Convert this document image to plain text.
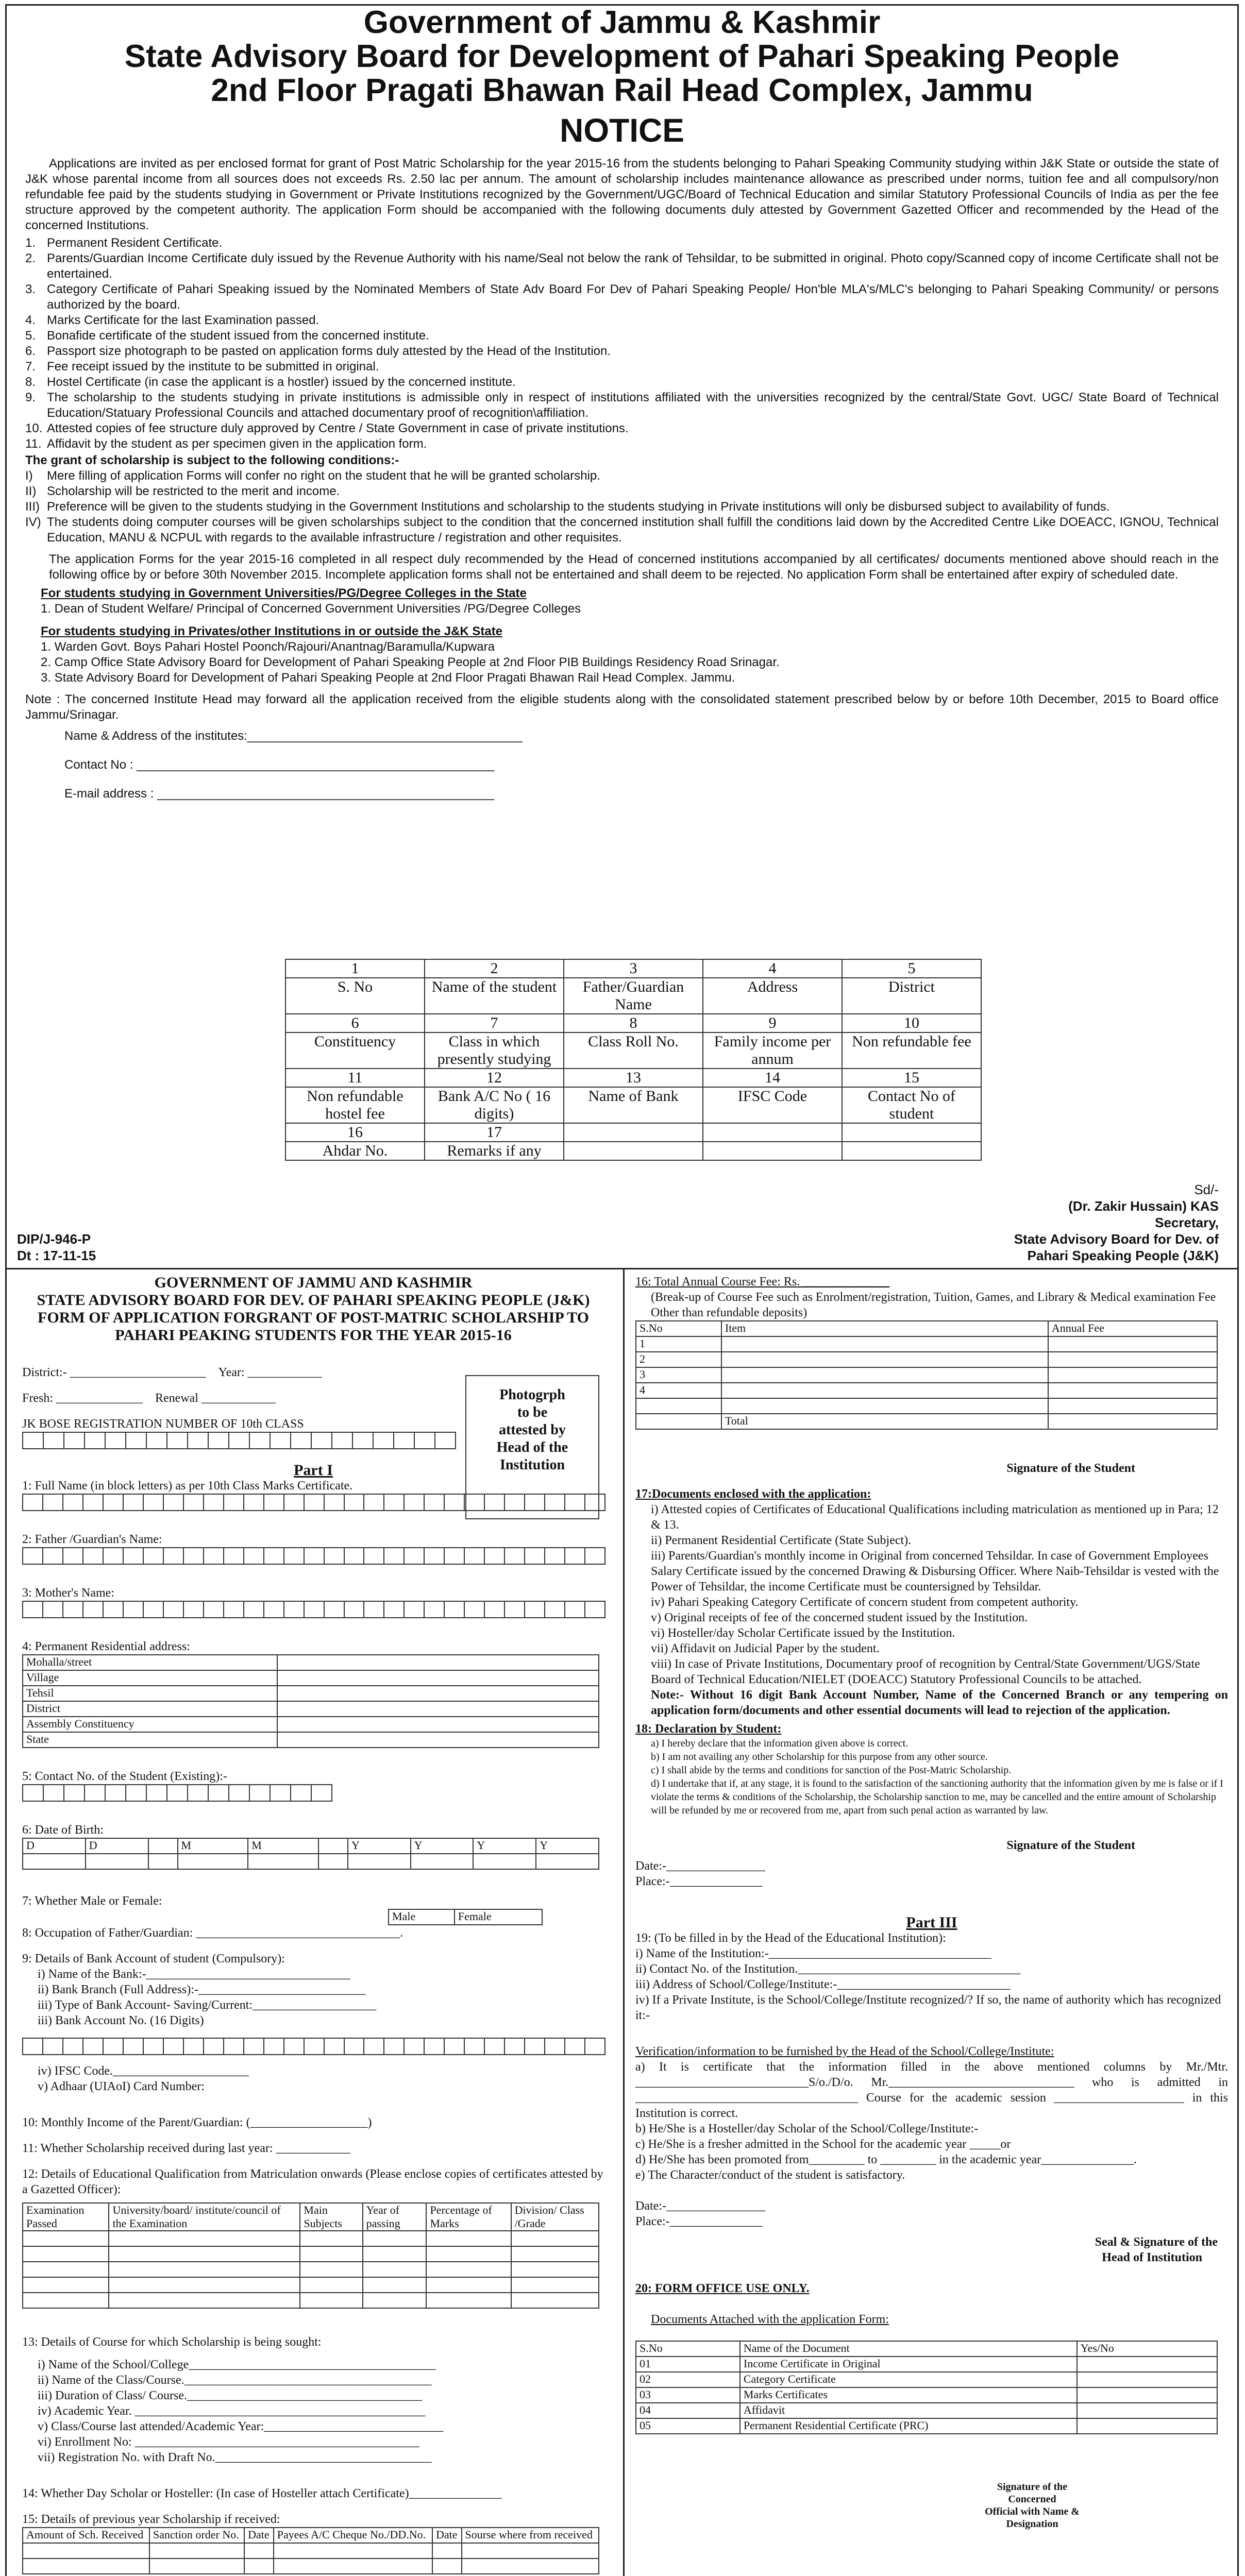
Government of Jammu & Kashmir

State Advisory Board for Development of Pahari Speaking People

2nd Floor Pragati Bhawan Rail Head Complex, Jammu

NOTICE

Applications are invited as per enclosed format for grant of Post Matric Scholarship for the year 2015-16 from the students belonging to Pahari Speaking Community studying within J&K State or outside the state of J&K whose parental income from all sources does not exceeds Rs. 2.50 lac per annum. The amount of scholarship includes maintenance allowance as prescribed under norms, tuition fee and all compulsory/non refundable fee paid by the students studying in Government or Private Institutions recognized by the Government/UGC/Board of Technical Education and similar Statutory Professional Councils of India as per the fee structure approved by the competent authority. The application Form should be accompanied with the following documents duly attested by Government Gazetted Officer and recommended by the Head of the concerned Institutions.

1. Permanent Resident Certificate.
2. Parents/Guardian Income Certificate duly issued by the Revenue Authority with his name/Seal not below the rank of Tehsildar, to be submitted in original. Photo copy/Scanned copy of income Certificate shall not be entertained.
3. Category Certificate of Pahari Speaking issued by the Nominated Members of State Adv Board For Dev of Pahari Speaking People/ Hon'ble MLA's/MLC's belonging to Pahari Speaking Community/ or persons authorized by the board.
4. Marks Certificate for the last Examination passed.
5. Bonafide certificate of the student issued from the concerned institute.
6. Passport size photograph to be pasted on application forms duly attested by the Head of the Institution.
7. Fee receipt issued by the institute to be submitted in original.
8. Hostel Certificate (in case the applicant is a hostler) issued by the concerned institute.
9. The scholarship to the students studying in private institutions is admissible only in respect of institutions affiliated with the universities recognized by the central/State Govt. UGC/ State Board of Technical Education/Statuary Professional Councils and attached documentary proof of recognition\affiliation.
10. Attested copies of fee structure duly approved by Centre / State Government in case of private institutions.
11. Affidavit by the student as per specimen given in the application form.

The grant of scholarship is subject to the following conditions:-

I)	Mere filling of application Forms will confer no right on the student that he will be granted scholarship.
II) Scholarship will be restricted to the merit and income.
III) Preference will be given to the students studying in the Government Institutions and scholarship to the students studying in Private institutions will only be disbursed subject to availability of funds.
IV) The students doing computer courses will be given scholarships subject to the condition that the concerned institution shall fulfill the conditions laid down by the Accredited Centre Like DOEACC, IGNOU, Technical Education, MANU & NCPUL with regards to the available infrastructure / registration and other requisites.

The application Forms for the year 2015-16 completed in all respect duly recommended by the Head of concerned institutions accompanied by all certificates/ documents mentioned above should reach in the following office by or before 30th November 2015. Incomplete application forms shall not be entertained and shall deem to be rejected. No application Form shall be entertained after expiry of scheduled date.

For students studying in Government Universities/PG/Degree Colleges in the State

1. Dean of Student Welfare/ Principal of Concerned Government Universities /PG/Degree Colleges

For students studying in Privates/other Institutions in or outside the J&K State

1. Warden Govt. Boys Pahari Hostel Poonch/Rajouri/Anantnag/Baramulla/Kupwara

2. Camp Office State Advisory Board for Development of Pahari Speaking People at 2nd Floor PIB Buildings Residency Road Srinagar.

3. State Advisory Board for Development of Pahari Speaking People at 2nd Floor Pragati Bhawan Rail Head Complex. Jammu.

Note : The concerned Institute Head may forward all the application received from the eligible students along with the consolidated statement prescribed below by or before 10th December, 2015 to Board office Jammu/Srinagar.

Name & Address of the institutes:________________________________________

Contact No : ____________________________________________________

E-mail address : _________________________________________________

1	2	3	4	5
S. No	Name of the student	Father/Guardian Name	Address	District
6	7	8	9	10
Constituency	Class in which presently studying	Class Roll No.	Family income per annum	Non refundable fee
11	12	13	14	15
Non refundable hostel fee	Bank A/C No ( 16 digits)	Name of Bank	IFSC Code	Contact No of student
16	17			
Ahdar No.	Remarks if any			
Sd/-
(Dr. Zakir Hussain) KAS
Secretary,
State Advisory Board for Dev. of
Pahari Speaking People (J&K)
DIP/J-946-P
Dt : 17-11-15

GOVERNMENT OF JAMMU AND KASHMIR

STATE ADVISORY BOARD FOR DEV. OF PAHARI SPEAKING PEOPLE (J&K)

FORM OF APPLICATION FORGRANT OF POST-MATRIC SCHOLARSHIP TO

PAHARI PEAKING STUDENTS FOR THE YEAR 2015-16

Photogrph
to be
attested by
Head of the
Institution

District:- ______________________ Year: ____________

Fresh: ______________ Renewal ____________

JK BOSE REGISTRATION NUMBER OF 10th CLASS

Part I

1: Full Name (in block letters) as per 10th Class Marks Certificate.

2: Father /Guardian's Name:

3: Mother's Name:

4: Permanent Residential address:

Mohalla/street	
Village	
Tehsil	
District	
Assembly Constituency	
State	

5: Contact No. of the Student (Existing):-

6: Date of Birth:

D	D		M	M		Y	Y	Y	Y

7: Whether Male or Female:

Male	Female

8: Occupation of Father/Guardian: _________________________________.

9: Details of Bank Account of student (Compulsory):

i) Name of the Bank:-_________________________________

ii) Bank Branch (Full Address):-___________________________

iii) Type of Bank Account- Saving/Current:____________________

iii) Bank Account No. (16 Digits)

iv) IFSC Code.______________________

v) Adhaar (UIAoI) Card Number:

10: Monthly Income of the Parent/Guardian: (___________________)

11: Whether Scholarship received during last year: ____________

12: Details of Educational Qualification from Matriculation onwards (Please enclose copies of certificates attested by a Gazetted Officer):

Examination Passed	University/board/ institute/council of the Examination	Main Subjects	Year of passing	Percentage of Marks	Division/ Class /Grade

13: Details of Course for which Scholarship is being sought:

i) Name of the School/College________________________________________

ii) Name of the Class/Course.________________________________________

iii) Duration of Class/ Course.______________________________________

iv) Academic Year. _______________________________________________

v) Class/Course last attended/Academic Year:_____________________________

vi) Enrollment No: ______________________________________________

vii) Registration No. with Draft No.___________________________________

14: Whether Day Scholar or Hosteller: (In case of Hosteller attach Certificate)_______________

15: Details of previous year Scholarship if received:

Amount of Sch. Received	Sanction order No.	Date	Payees A/C Cheque No./DD.No.	Date	Sourse where from received

16: Total Annual Course Fee: Rs. ______________

(Break-up of Course Fee such as Enrolment/registration, Tuition, Games, and Library & Medical examination Fee Other than refundable deposits)

S.No	Item	Annual Fee
1		
2		
3		
4		

	Total	

Signature of the Student

17:Documents enclosed with the application:

i) Attested copies of Certificates of Educational Qualifications including matriculation as mentioned up in Para; 12 & 13.

ii) Permanent Residential Certificate (State Subject).

iii) Parents/Guardian's monthly income in Original from concerned Tehsildar. In case of Government Employees Salary Certificate issued by the concerned Drawing & Disbursing Officer. Where Naib-Tehsildar is vested with the Power of Tehsildar, the income Certificate must be countersigned by Tehsildar.

iv) Pahari Speaking Category Certificate of concern student from competent authority.

v) Original receipts of fee of the concerned student issued by the Institution.

vi) Hosteller/day Scholar Certificate issued by the Institution.

vii) Affidavit on Judicial Paper by the student.

viii) In case of Private Institutions, Documentary proof of recognition by Central/State Government/UGS/State Board of Technical Education/NIELET (DOEACC) Statutory Professional Councils to be attached.

Note:- Without 16 digit Bank Account Number, Name of the Concerned Branch or any tempering on application form/documents and other essential documents will lead to rejection of the application.

18: Declaration by Student:

a) I hereby declare that the information given above is correct.

b) I am not availing any other Scholarship for this purpose from any other source.

c) I shall abide by the terms and conditions for sanction of the Post-Matric Scholarship.

d) I undertake that if, at any stage, it is found to the satisfaction of the sanctioning authority that the information given by me is false or if I violate the terms & conditions of the Scholarship, the Scholarship sanction to me, may be cancelled and the entire amount of Scholarship will be refunded by me or recovered from me, apart from such penal action as warranted by law.

Signature of the Student

Date:-________________

Place:-_______________

Part III

19: (To be filled in by the Head of the Educational Institution):

i) Name of the Institution:-____________________________________

ii) Contact No. of the Institution.____________________________________

iii) Address of School/College/Institute:-____________________________

iv) If a Private Institute, is the School/College/Institute recognized/? If so, the name of authority which has recognized it:-

Verification/information to be furnished by the Head of the School/College/Institute:

a) It is certificate that the information filled in the above mentioned columns by Mr./Mtr. ____________________________S/o./D/o. Mr.______________________________ who is admitted in ____________________________________ Course for the academic session _____________________ in this Institution is correct.

b) He/She is a Hosteller/day Scholar of the School/College/Institute:-

c) He/She is a fresher admitted in the School for the academic year _____or

d) He/She has been promoted from_________ to _________ in the academic year_______________.

e) The Character/conduct of the student is satisfactory.

Date:-________________

Place:-_______________

Seal & Signature of the

Head of Institution

20: FORM OFFICE USE ONLY.

Documents Attached with the application Form:

S.No	Name of the Document	Yes/No
01	Income Certificate in Original	
02	Category Certificate	
03	Marks Certificates	
04	Affidavit	
05	Permanent Residential Certificate (PRC)	
Signature of the
Concerned
Official with Name &
Designation
